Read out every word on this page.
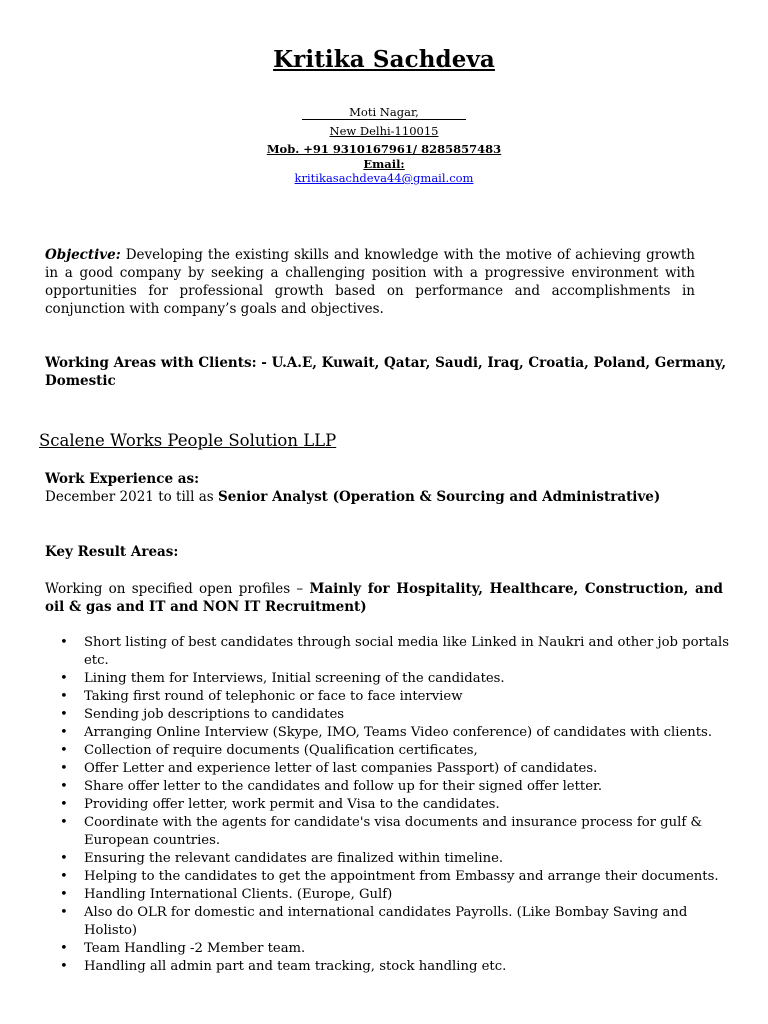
Kritika Sachdeva
Moti Nagar,
New Delhi-110015
Mob. +91 9310167961/ 8285857483
Email:
kritikasachdeva44@gmail.com
Objective: Developing the existing skills and knowledge with the motive of achieving growth in a good company by seeking a challenging position with a progressive environment with opportunities for professional growth based on performance and accomplishments in conjunction with company’s goals and objectives.
Working Areas with Clients: - U.A.E, Kuwait, Qatar, Saudi, Iraq, Croatia, Poland, Germany, Domestic
Scalene Works People Solution LLP
Work Experience as:
December 2021 to till as Senior Analyst (Operation & Sourcing and Administrative)
Key Result Areas:
Working on specified open profiles – Mainly for Hospitality, Healthcare, Construction, and oil & gas and IT and NON IT Recruitment)
• Short listing of best candidates through social media like Linked in Naukri and other job portals etc.
• Lining them for Interviews, Initial screening of the candidates.
• Taking first round of telephonic or face to face interview
• Sending job descriptions to candidates
• Arranging Online Interview (Skype, IMO, Teams Video conference) of candidates with clients.
• Collection of require documents (Qualification certificates,
• Offer Letter and experience letter of last companies Passport) of candidates.
• Share offer letter to the candidates and follow up for their signed offer letter.
• Providing offer letter, work permit and Visa to the candidates.
• Coordinate with the agents for candidate's visa documents and insurance process for gulf & European countries.
• Ensuring the relevant candidates are finalized within timeline.
• Helping to the candidates to get the appointment from Embassy and arrange their documents.
• Handling International Clients. (Europe, Gulf)
• Also do OLR for domestic and international candidates Payrolls. (Like Bombay Saving and Holisto)
• Team Handling -2 Member team.
• Handling all admin part and team tracking, stock handling etc.
